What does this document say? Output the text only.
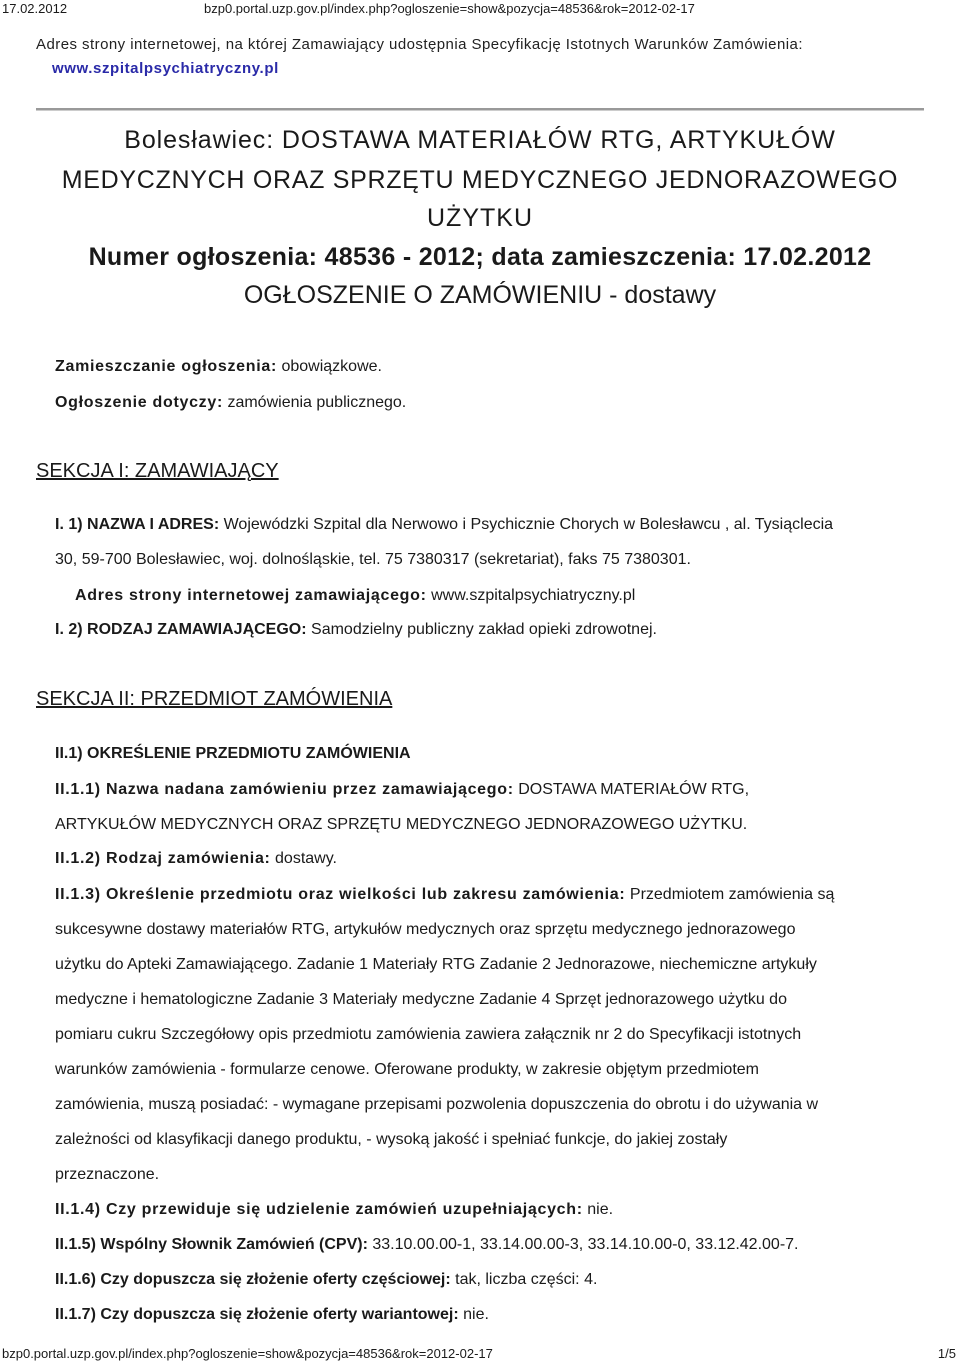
17.02.2012	bzp0.portal.uzp.gov.pl/index.php?ogloszenie=show&pozycja=48536&rok=2012-02-17
Adres strony internetowej, na której Zamawiający udostępnia Specyfikację Istotnych Warunków Zamówienia:
www.szpitalpsychiatryczny.pl
Bolesławiec: DOSTAWA MATERIAŁÓW RTG, ARTYKUŁÓW
MEDYCZNYCH ORAZ SPRZĘTU MEDYCZNEGO JEDNORAZOWEGO
UŻYTKU
Numer ogłoszenia: 48536 - 2012; data zamieszczenia: 17.02.2012
OGŁOSZENIE O ZAMÓWIENIU - dostawy
Zamieszczanie ogłoszenia: obowiązkowe.
Ogłoszenie dotyczy: zamówienia publicznego.
SEKCJA I: ZAMAWIAJĄCY
I. 1) NAZWA I ADRES: Wojewódzki Szpital dla Nerwowo i Psychicznie Chorych w Bolesławcu , al. Tysiąclecia
30, 59-700 Bolesławiec, woj. dolnośląskie, tel. 75 7380317 (sekretariat), faks 75 7380301.
Adres strony internetowej zamawiającego: www.szpitalpsychiatryczny.pl
I. 2) RODZAJ ZAMAWIAJĄCEGO: Samodzielny publiczny zakład opieki zdrowotnej.
SEKCJA II: PRZEDMIOT ZAMÓWIENIA
II.1) OKREŚLENIE PRZEDMIOTU ZAMÓWIENIA
II.1.1) Nazwa nadana zamówieniu przez zamawiającego: DOSTAWA MATERIAŁÓW RTG,
ARTYKUŁÓW MEDYCZNYCH ORAZ SPRZĘTU MEDYCZNEGO JEDNORAZOWEGO UŻYTKU.
II.1.2) Rodzaj zamówienia: dostawy.
II.1.3) Określenie przedmiotu oraz wielkości lub zakresu zamówienia: Przedmiotem zamówienia są
sukcesywne dostawy materiałów RTG, artykułów medycznych oraz sprzętu medycznego jednorazowego
użytku do Apteki Zamawiającego. Zadanie 1 Materiały RTG Zadanie 2 Jednorazowe, niechemiczne artykuły
medyczne i hematologiczne Zadanie 3 Materiały medyczne Zadanie 4 Sprzęt jednorazowego użytku do
pomiaru cukru Szczegółowy opis przedmiotu zamówienia zawiera załącznik nr 2 do Specyfikacji istotnych
warunków zamówienia - formularze cenowe. Oferowane produkty, w zakresie objętym przedmiotem
zamówienia, muszą posiadać: - wymagane przepisami pozwolenia dopuszczenia do obrotu i do używania w
zależności od klasyfikacji danego produktu, - wysoką jakość i spełniać funkcje, do jakiej zostały
przeznaczone.
II.1.4) Czy przewiduje się udzielenie zamówień uzupełniających: nie.
II.1.5) Wspólny Słownik Zamówień (CPV): 33.10.00.00-1, 33.14.00.00-3, 33.14.10.00-0, 33.12.42.00-7.
II.1.6) Czy dopuszcza się złożenie oferty częściowej: tak, liczba części: 4.
II.1.7) Czy dopuszcza się złożenie oferty wariantowej: nie.
bzp0.portal.uzp.gov.pl/index.php?ogloszenie=show&pozycja=48536&rok=2012-02-17	1/5
